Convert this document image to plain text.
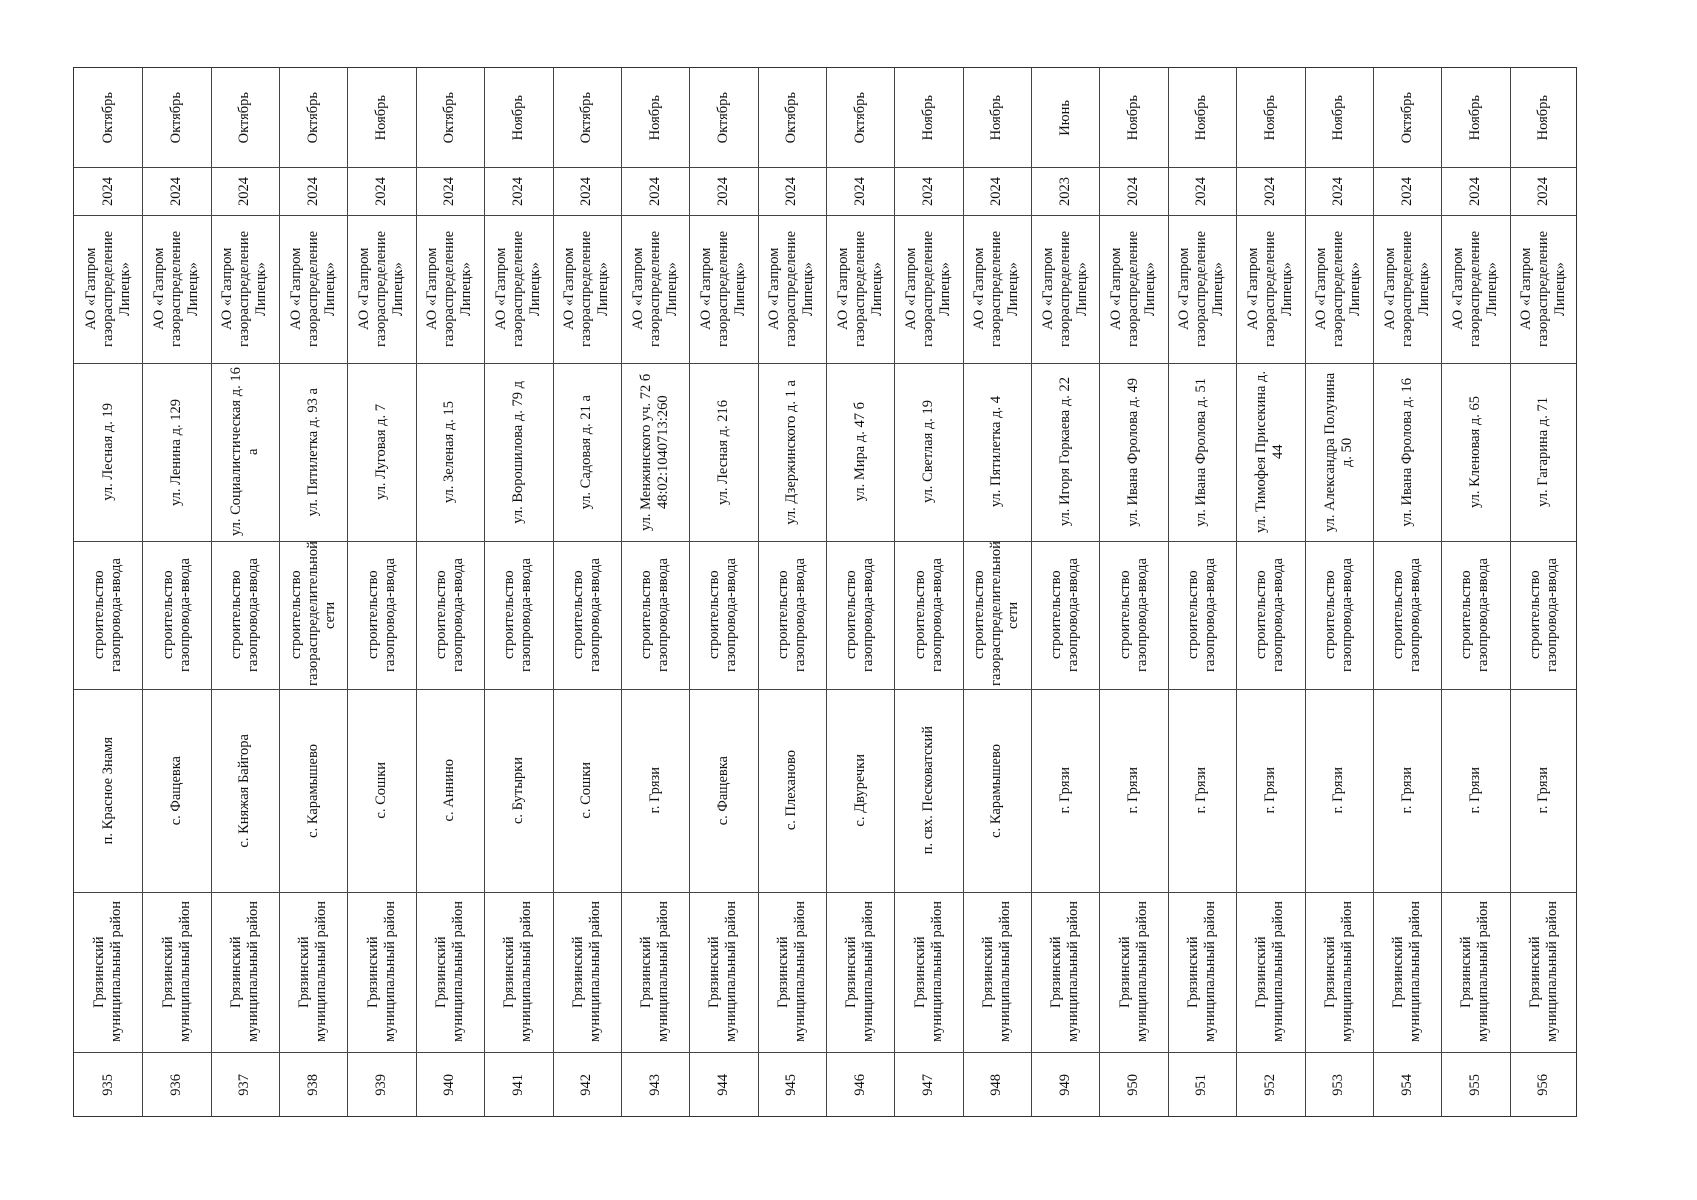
935
Грязинский муниципальный район
п. Красное Знамя
строительство газопровода-ввода
ул. Лесная д. 19
АО «Газпром газораспределение Липецк»
2024
Октябрь
936
Грязинский муниципальный район
с. Фащевка
строительство газопровода-ввода
ул. Ленина д. 129
АО «Газпром газораспределение Липецк»
2024
Октябрь
937
Грязинский муниципальный район
с. Княжая Байгора
строительство газопровода-ввода
ул. Социалистическая д. 16 а
АО «Газпром газораспределение Липецк»
2024
Октябрь
938
Грязинский муниципальный район
с. Карамышево
строительство газораспределительной сети
ул. Пятилетка д. 93 а
АО «Газпром газораспределение Липецк»
2024
Октябрь
939
Грязинский муниципальный район
с. Сошки
строительство газопровода-ввода
ул. Луговая д. 7
АО «Газпром газораспределение Липецк»
2024
Ноябрь
940
Грязинский муниципальный район
с. Аннино
строительство газопровода-ввода
ул. Зеленая д. 15
АО «Газпром газораспределение Липецк»
2024
Октябрь
941
Грязинский муниципальный район
с. Бутырки
строительство газопровода-ввода
ул. Ворошилова д. 79 д
АО «Газпром газораспределение Липецк»
2024
Ноябрь
942
Грязинский муниципальный район
с. Сошки
строительство газопровода-ввода
ул. Садовая д. 21 а
АО «Газпром газораспределение Липецк»
2024
Октябрь
943
Грязинский муниципальный район
г. Грязи
строительство газопровода-ввода
ул. Менжинского уч. 72 б 48:02:1040713:260
АО «Газпром газораспределение Липецк»
2024
Ноябрь
944
Грязинский муниципальный район
с. Фащевка
строительство газопровода-ввода
ул. Лесная д. 216
АО «Газпром газораспределение Липецк»
2024
Октябрь
945
Грязинский муниципальный район
с. Плеханово
строительство газопровода-ввода
ул. Дзержинского д. 1 а
АО «Газпром газораспределение Липецк»
2024
Октябрь
946
Грязинский муниципальный район
с. Двуречки
строительство газопровода-ввода
ул. Мира д. 47 б
АО «Газпром газораспределение Липецк»
2024
Октябрь
947
Грязинский муниципальный район
п. свх. Песковатский
строительство газопровода-ввода
ул. Светлая д. 19
АО «Газпром газораспределение Липецк»
2024
Ноябрь
948
Грязинский муниципальный район
с. Карамышево
строительство газораспределительной сети
ул. Пятилетка д. 4
АО «Газпром газораспределение Липецк»
2024
Ноябрь
949
Грязинский муниципальный район
г. Грязи
строительство газопровода-ввода
ул. Игоря Горкаева д. 22
АО «Газпром газораспределение Липецк»
2023
Июнь
950
Грязинский муниципальный район
г. Грязи
строительство газопровода-ввода
ул. Ивана Фролова д. 49
АО «Газпром газораспределение Липецк»
2024
Ноябрь
951
Грязинский муниципальный район
г. Грязи
строительство газопровода-ввода
ул. Ивана Фролова д. 51
АО «Газпром газораспределение Липецк»
2024
Ноябрь
952
Грязинский муниципальный район
г. Грязи
строительство газопровода-ввода
ул. Тимофея Присекина д. 44
АО «Газпром газораспределение Липецк»
2024
Ноябрь
953
Грязинский муниципальный район
г. Грязи
строительство газопровода-ввода
ул. Александра Полунина д. 50
АО «Газпром газораспределение Липецк»
2024
Ноябрь
954
Грязинский муниципальный район
г. Грязи
строительство газопровода-ввода
ул. Ивана Фролова д. 16
АО «Газпром газораспределение Липецк»
2024
Октябрь
955
Грязинский муниципальный район
г. Грязи
строительство газопровода-ввода
ул. Кленовая д. 65
АО «Газпром газораспределение Липецк»
2024
Ноябрь
956
Грязинский муниципальный район
г. Грязи
строительство газопровода-ввода
ул. Гагарина д. 71
АО «Газпром газораспределение Липецк»
2024
Ноябрь
